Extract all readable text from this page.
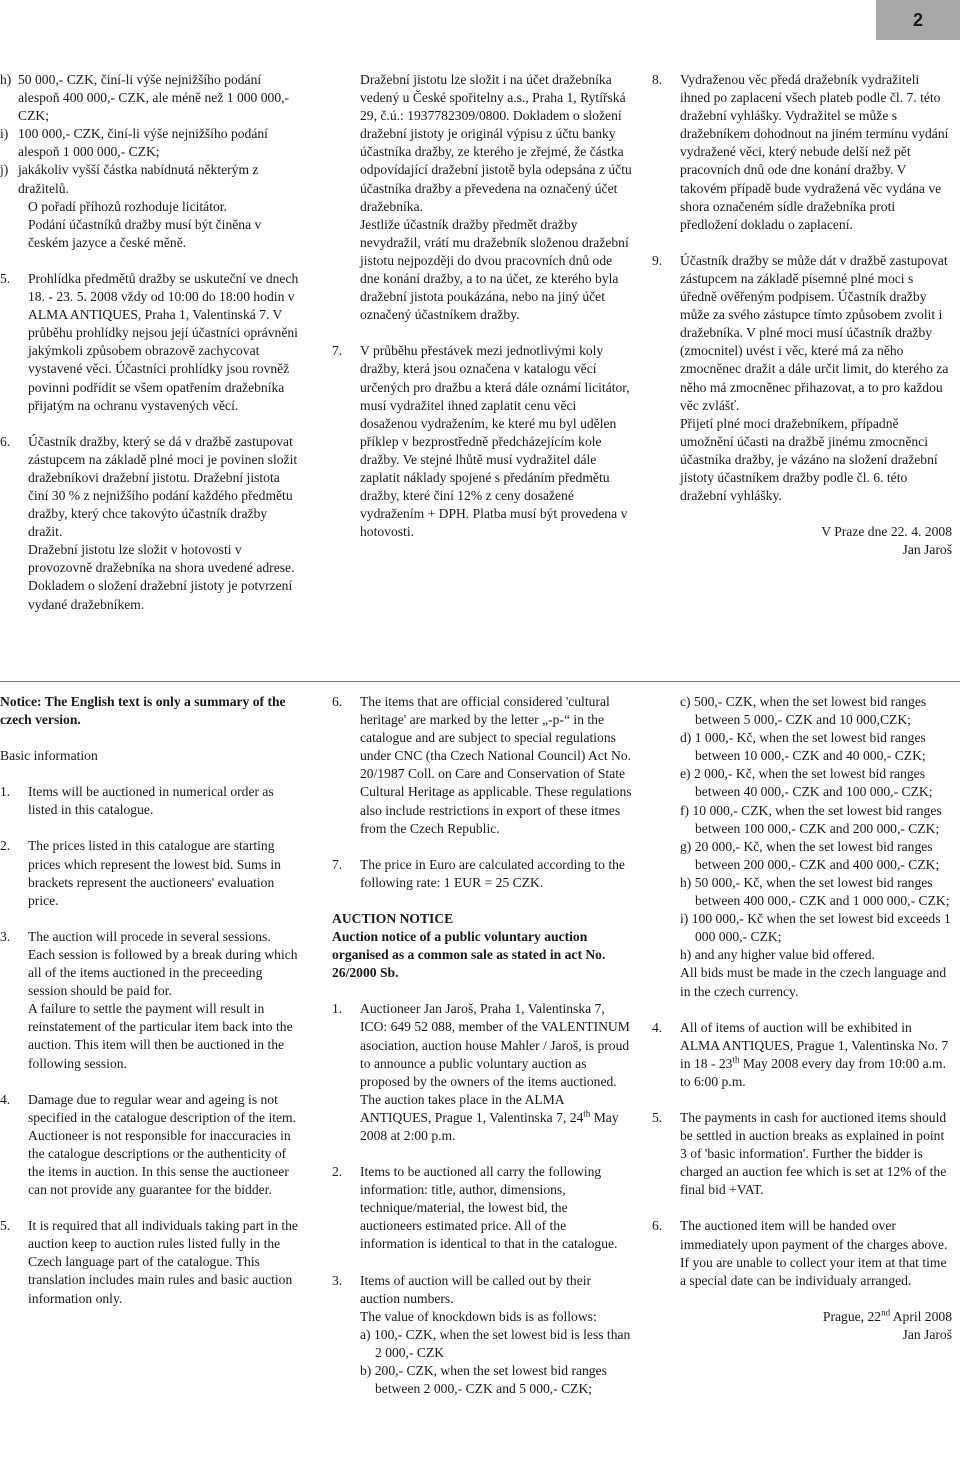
2
h) 50 000,- CZK, činí-li výše nejnižšího podání alespoň 400 000,- CZK, ale méně než 1 000 000,- CZK;
i) 100 000,- CZK, činí-li výše nejnižšího podání alespoň 1 000 000,- CZK;
j) jakákoliv vyšší částka nabídnutá některým z dražitelů.
O pořadí příhozů rozhoduje licitátor.
Podání účastníků dražby musí být činěna v českém jazyce a české měně.
5. Prohlídka předmětů dražby se uskuteční ve dnech 18. - 23. 5. 2008 vždy od 10:00 do 18:00 hodin v ALMA ANTIQUES, Praha 1, Valentinská 7. V průběhu prohlídky nejsou její účastníci oprávněni jakýmkoli způsobem obrazově zachycovat vystavené věci. Účastníci prohlídky jsou rovněž povinni podřídit se všem opatřením dražebníka přijatým na ochranu vystavených věcí.
6. Účastník dražby, který se dá v dražbě zastupovat zástupcem na základě plné moci je povinen složit dražebníkovi dražební jistotu. Dražební jistota činí 30 % z nejnižšího podání každého předmětu dražby, který chce takovýto účastník dražby dražit.
Dražební jistotu lze složit v hotovosti v provozovně dražebníka na shora uvedené adrese. Dokladem o složení dražební jistoty je potvrzení vydané dražebníkem.
Dražební jistotu lze složit i na účet dražebníka vedený u České spořitelny a.s., Praha 1, Rytířská 29, č.ú.: 1937782309/0800. Dokladem o složení dražební jistoty je originál výpisu z účtu banky účastníka dražby, ze kterého je zřejmé, že částka odpovídající dražební jistotě byla odepsána z účtu účastníka dražby a převedena na označený účet dražebníka.
Jestliže účastník dražby předmět dražby nevydražil, vrátí mu dražebník složenou dražební jistotu nejpozději do dvou pracovních dnů ode dne konání dražby, a to na účet, ze kterého byla dražební jistota poukázána, nebo na jiný účet označený účastníkem dražby.
7. V průběhu přestávek mezi jednotlivými koly dražby, která jsou označena v katalogu věcí určených pro dražbu a která dále oznámí licitátor, musí vydražitel ihned zaplatit cenu věci dosaženou vydražením, ke které mu byl udělen příklep v bezprostředně předcházejícím kole dražby. Ve stejné lhůtě musí vydražitel dále zaplatit náklady spojené s předáním předmětu dražby, které činí 12% z ceny dosažené vydražením + DPH. Platba musí být provedena v hotovosti.
8. Vydraženou věc předá dražebník vydražiteli ihned po zaplacení všech plateb podle čl. 7. této dražební vyhlášky. Vydražitel se může s dražebníkem dohodnout na jiném termínu vydání vydražené věci, který nebude delší než pět pracovních dnů ode dne konání dražby. V takovém případě bude vydražená věc vydána ve shora označeném sídle dražebníka proti předložení dokladu o zaplacení.
9. Účastník dražby se může dát v dražbě zastupovat zástupcem na základě písemné plné moci s úředně ověřeným podpisem. Účastník dražby může za svého zástupce tímto způsobem zvolit i dražebníka. V plné moci musí účastník dražby (zmocnitel) uvést i věc, které má za něho zmocněnec dražit a dále určit limit, do kterého za něho má zmocněnec přihazovat, a to pro každou věc zvlášť.
Přijetí plné moci dražebníkem, případně umožnění účasti na dražbě jinému zmocněnci účastníka dražby, je vázáno na složení dražební jistoty účastníkem dražby podle čl. 6. této dražební vyhlášky.
V Praze dne 22. 4. 2008
Jan Jaroš
Notice: The English text is only a summary of the czech version.
Basic information
1. Items will be auctioned in numerical order as listed in this catalogue.
2. The prices listed in this catalogue are starting prices which represent the lowest bid. Sums in brackets represent the auctioneers' evaluation price.
3. The auction will procede in several sessions. Each session is followed by a break during which all of the items auctioned in the preceeding session should be paid for.
A failure to settle the payment will result in reinstatement of the particular item back into the auction. This item will then be auctioned in the following session.
4. Damage due to regular wear and ageing is not specified in the catalogue description of the item. Auctioneer is not responsible for inaccuracies in the catalogue descriptions or the authenticity of the items in auction. In this sense the auctioneer can not provide any guarantee for the bidder.
5. It is required that all individuals taking part in the auction keep to auction rules listed fully in the Czech language part of the catalogue. This translation includes main rules and basic auction information only.
6. The items that are official considered 'cultural heritage' are marked by the letter „-p-“ in the catalogue and are subject to special regulations under CNC (tha Czech National Council) Act No. 20/1987 Coll. on Care and Conservation of State Cultural Heritage as applicable. These regulations also include restrictions in export of these itmes from the Czech Republic.
7. The price in Euro are calculated according to the following rate: 1 EUR = 25 CZK.
AUCTION NOTICE
Auction notice of a public voluntary auction organised as a common sale as stated in act No. 26/2000 Sb.
1. Auctioneer Jan Jaroš, Praha 1, Valentinska 7, ICO: 649 52 088, member of the VALENTINUM asociation, auction house Mahler / Jaroš, is proud to announce a public voluntary auction as proposed by the owners of the items auctioned. The auction takes place in the ALMA ANTIQUES, Prague 1, Valentinska 7, 24th May 2008 at 2:00 p.m.
2. Items to be auctioned all carry the following information: title, author, dimensions, technique/material, the lowest bid, the auctioneers estimated price. All of the information is identical to that in the catalogue.
3. Items of auction will be called out by their auction numbers.
The value of knockdown bids is as follows:
a) 100,- CZK, when the set lowest bid is less than 2 000,- CZK
b) 200,- CZK, when the set lowest bid ranges between 2 000,- CZK and 5 000,- CZK;
c) 500,- CZK, when the set lowest bid ranges between 5 000,- CZK and 10 000,CZK;
d) 1 000,- Kč, when the set lowest bid ranges between 10 000,- CZK and 40 000,- CZK;
e) 2 000,- Kč, when the set lowest bid ranges between 40 000,- CZK and 100 000,- CZK;
f) 10 000,- CZK, when the set lowest bid ranges between 100 000,- CZK and 200 000,- CZK;
g) 20 000,- Kč, when the set lowest bid ranges between 200 000,- CZK and 400 000,- CZK;
h) 50 000,- Kč, when the set lowest bid ranges between 400 000,- CZK and 1 000 000,- CZK;
i) 100 000,- Kč when the set lowest bid exceeds 1 000 000,- CZK;
h) and any higher value bid offered.
All bids must be made in the czech language and in the czech currency.
4. All of items of auction will be exhibited in ALMA ANTIQUES, Prague 1, Valentinska No. 7 in 18 - 23th May 2008 every day from 10:00 a.m. to 6:00 p.m.
5. The payments in cash for auctioned items should be settled in auction breaks as explained in point 3 of 'basic information'. Further the bidder is charged an auction fee which is set at 12% of the final bid +VAT.
6. The auctioned item will be handed over immediately upon payment of the charges above. If you are unable to collect your item at that time a special date can be individualy arranged.
Prague, 22nd April 2008
Jan Jaroš
